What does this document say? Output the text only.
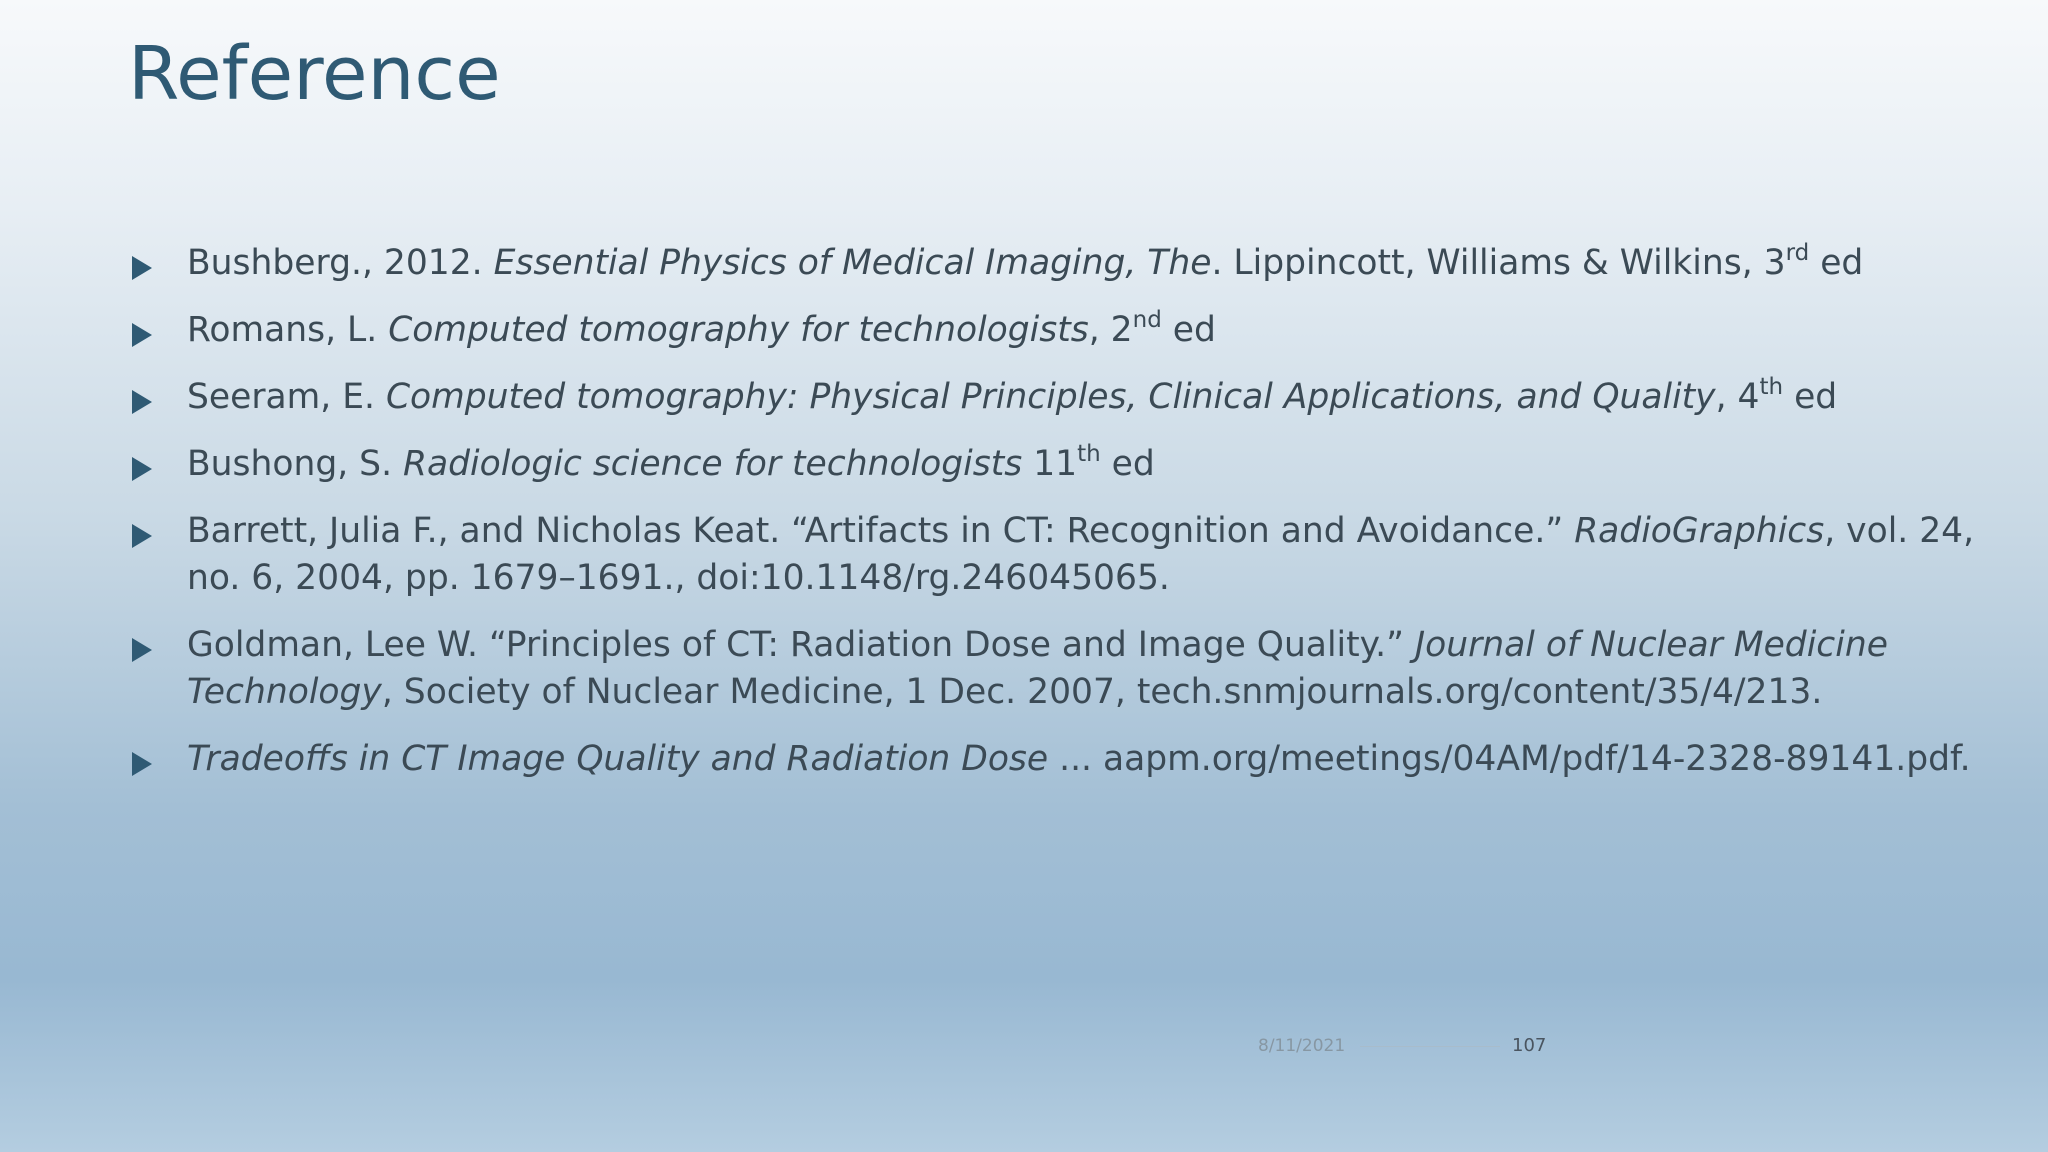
Reference
Bushberg., 2012. Essential Physics of Medical Imaging, The. Lippincott, Williams & Wilkins, 3rd ed
Romans, L. Computed tomography for technologists, 2nd ed
Seeram, E. Computed tomography: Physical Principles, Clinical Applications, and Quality, 4th ed
Bushong, S. Radiologic science for technologists 11th ed
Barrett, Julia F., and Nicholas Keat. “Artifacts in CT: Recognition and Avoidance.” RadioGraphics, vol. 24, no. 6, 2004, pp. 1679–1691., doi:10.1148/rg.246045065.
Goldman, Lee W. “Principles of CT: Radiation Dose and Image Quality.” Journal of Nuclear Medicine Technology, Society of Nuclear Medicine, 1 Dec. 2007, tech.snmjournals.org/content/35/4/213.
Tradeoffs in CT Image Quality and Radiation Dose ... aapm.org/meetings/04AM/pdf/14-2328-89141.pdf.
8/11/2021	107
